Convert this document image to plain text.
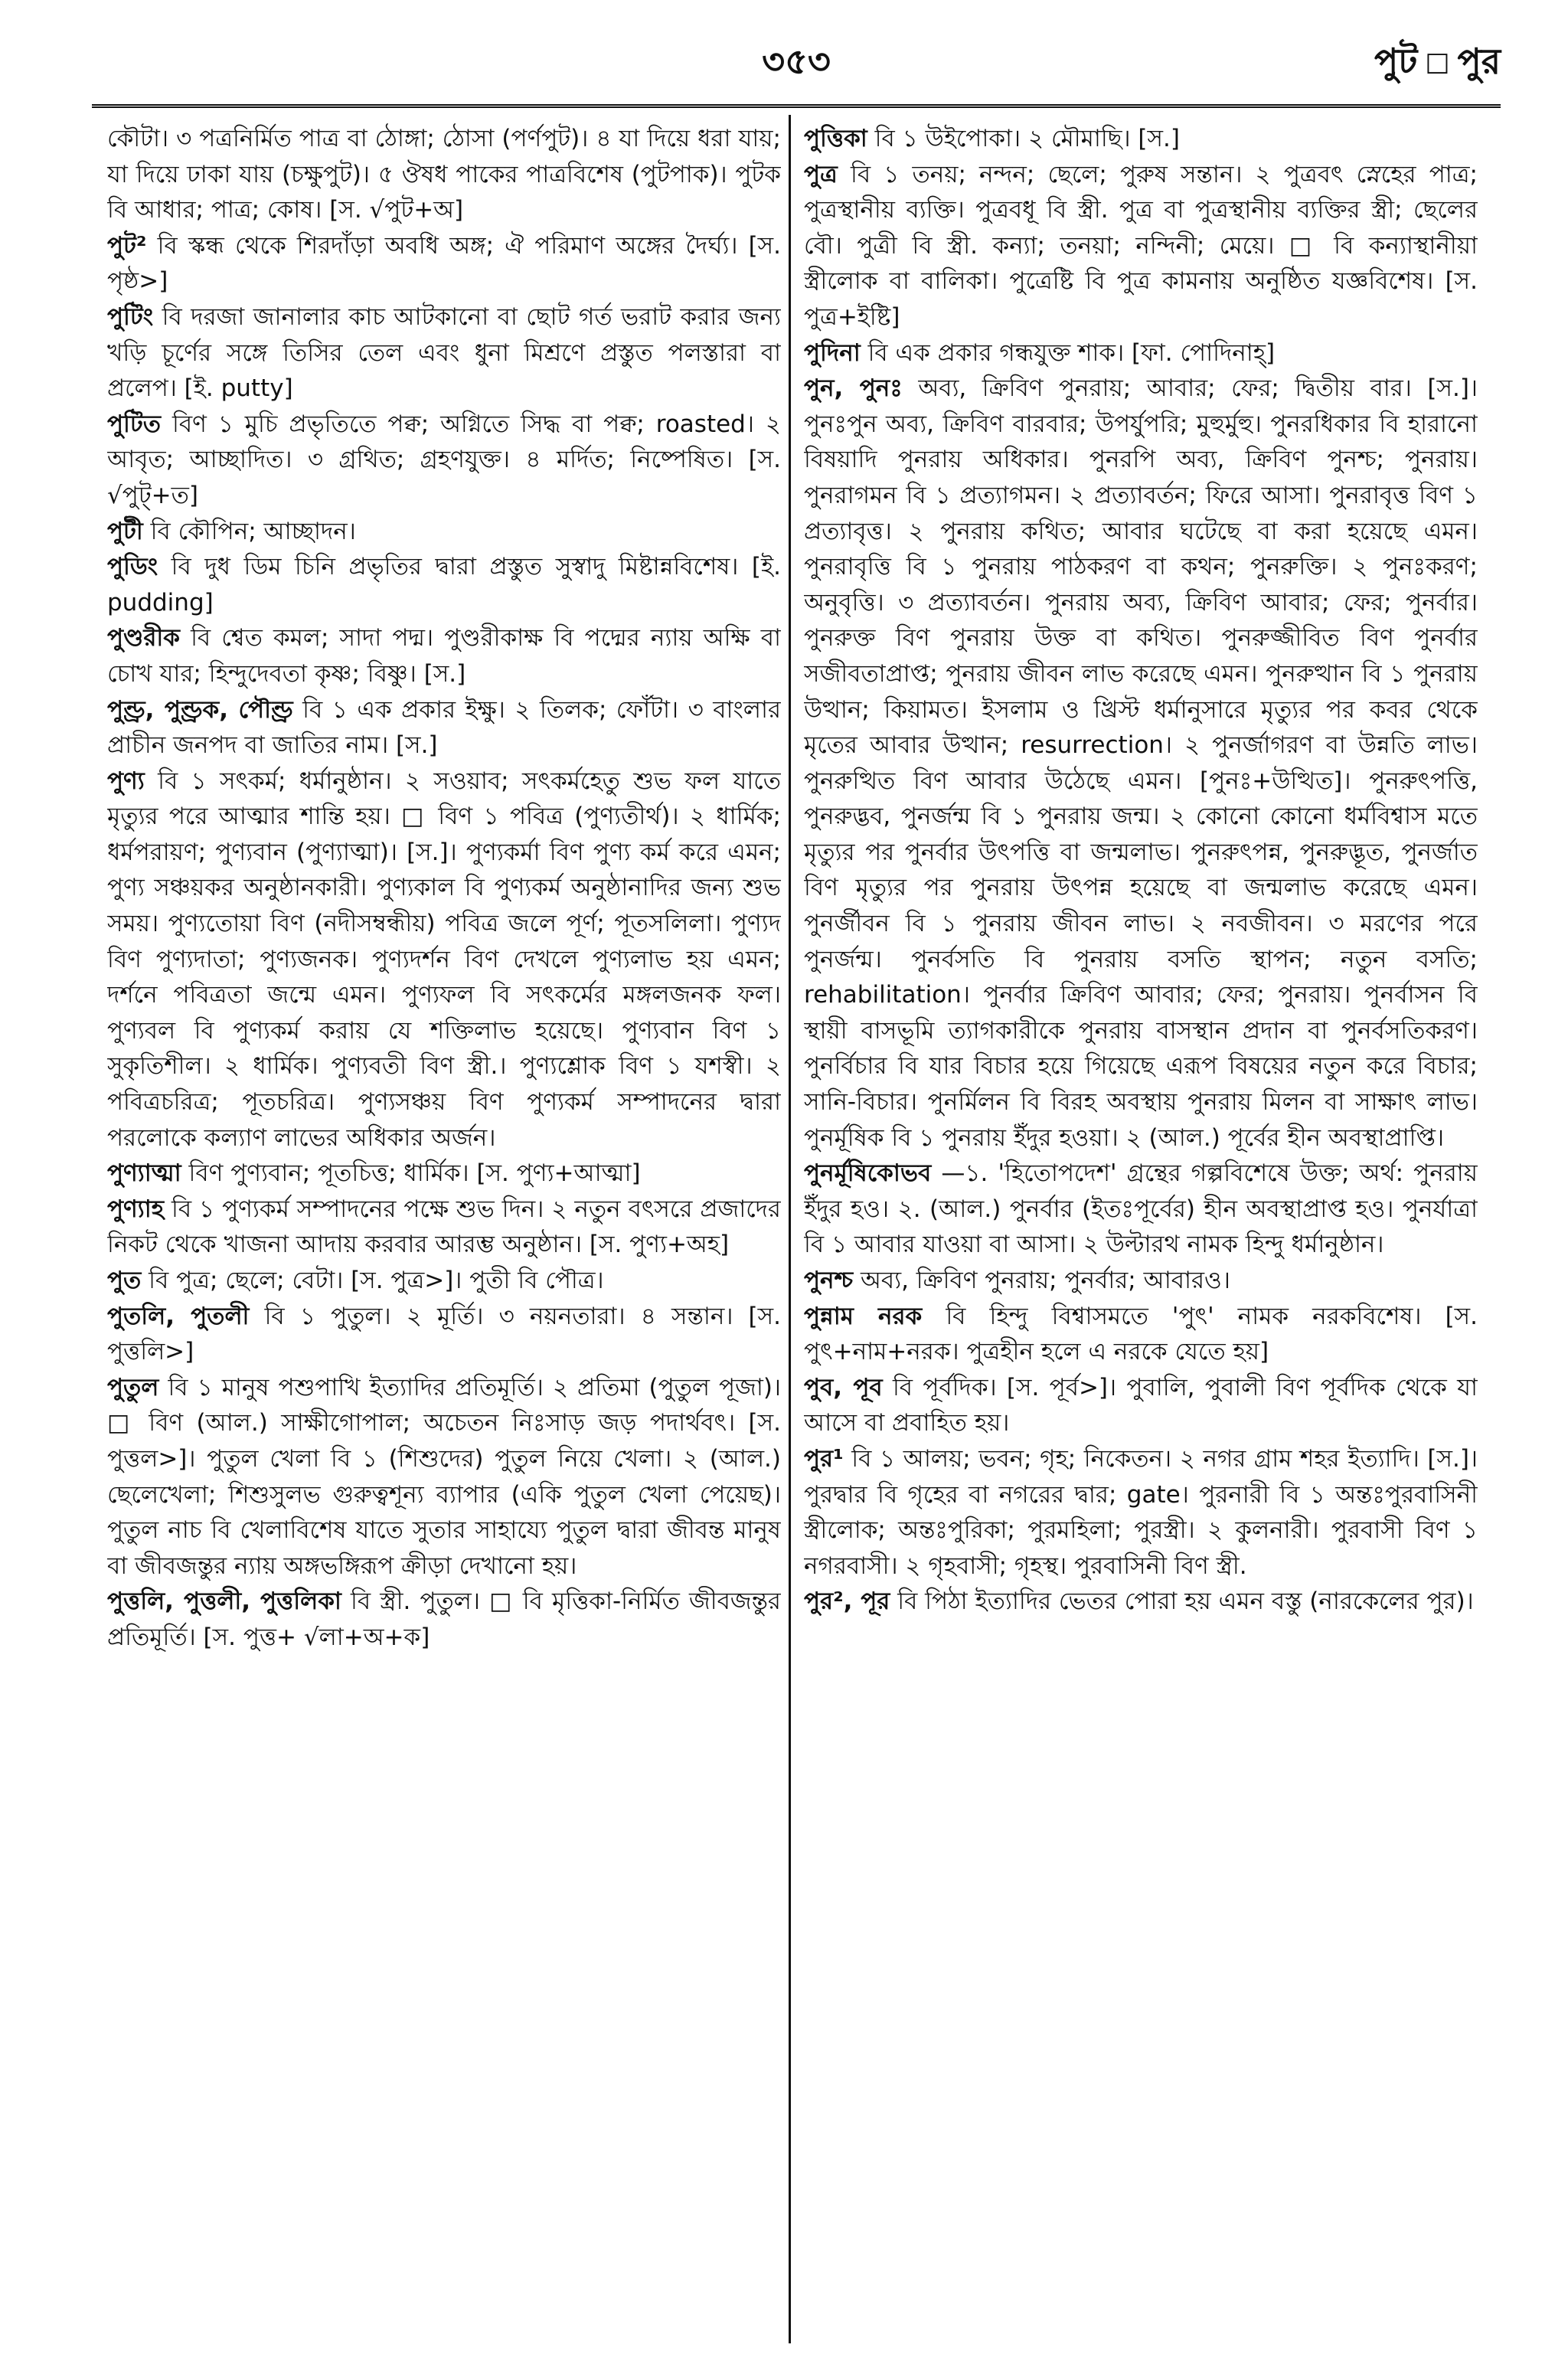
৩৫৩	পুট □ পুর

কৌটা। ৩ পত্রনির্মিত পাত্র বা ঠোঙ্গা; ঠোসা (পর্ণপুট)। ৪ যা দিয়ে ধরা যায়; যা দিয়ে ঢাকা যায় (চক্ষুপুট)। ৫ ঔষধ পাকের পাত্রবিশেষ (পুটপাক)। পুটক বি আধার; পাত্র; কোষ। [স. √পুট+অ]

পুট² বি স্কন্ধ থেকে শিরদাঁড়া অবধি অঙ্গ; ঐ পরিমাণ অঙ্গের দৈর্ঘ্য। [স. পৃষ্ঠ>]

পুটিং বি দরজা জানালার কাচ আটকানো বা ছোট গর্ত ভরাট করার জন্য খড়ি চূর্ণের সঙ্গে তিসির তেল এবং ধুনা মিশ্রণে প্রস্তুত পলস্তারা বা প্রলেপ। [ই. putty]

পুটিত বিণ ১ মুচি প্রভৃতিতে পক্ব; অগ্নিতে সিদ্ধ বা পক্ব; roasted। ২ আবৃত; আচ্ছাদিত। ৩ গ্রথিত; গ্রহণযুক্ত। ৪ মর্দিত; নিষ্পেষিত। [স. √পুট্+ত]

পুটী বি কৌপিন; আচ্ছাদন।

পুডিং বি দুধ ডিম চিনি প্রভৃতির দ্বারা প্রস্তুত সুস্বাদু মিষ্টান্নবিশেষ। [ই. pudding]

পুণ্ডরীক বি শ্বেত কমল; সাদা পদ্ম। পুণ্ডরীকাক্ষ বি পদ্মের ন্যায় অক্ষি বা চোখ যার; হিন্দুদেবতা কৃষ্ণ; বিষ্ণু। [স.]

পুণ্ড্র, পুণ্ড্রক, পৌণ্ড্র বি ১ এক প্রকার ইক্ষু। ২ তিলক; ফোঁটা। ৩ বাংলার প্রাচীন জনপদ বা জাতির নাম। [স.]

পুণ্য বি ১ সৎকর্ম; ধর্মানুষ্ঠান। ২ সওয়াব; সৎকর্মহেতু শুভ ফল যাতে মৃত্যুর পরে আত্মার শান্তি হয়। □ বিণ ১ পবিত্র (পুণ্যতীর্থ)। ২ ধার্মিক; ধর্মপরায়ণ; পুণ্যবান (পুণ্যাত্মা)। [স.]। পুণ্যকর্মা বিণ পুণ্য কর্ম করে এমন; পুণ্য সঞ্চয়কর অনুষ্ঠানকারী। পুণ্যকাল বি পুণ্যকর্ম অনুষ্ঠানাদির জন্য শুভ সময়। পুণ্যতোয়া বিণ (নদীসম্বন্ধীয়) পবিত্র জলে পূর্ণ; পূতসলিলা। পুণ্যদ বিণ পুণ্যদাতা; পুণ্যজনক। পুণ্যদর্শন বিণ দেখলে পুণ্যলাভ হয় এমন; দর্শনে পবিত্রতা জন্মে এমন। পুণ্যফল বি সৎকর্মের মঙ্গলজনক ফল। পুণ্যবল বি পুণ্যকর্ম করায় যে শক্তিলাভ হয়েছে। পুণ্যবান বিণ ১ সুকৃতিশীল। ২ ধার্মিক। পুণ্যবতী বিণ স্ত্রী.। পুণ্যশ্লোক বিণ ১ যশস্বী। ২ পবিত্রচরিত্র; পূতচরিত্র। পুণ্যসঞ্চয় বিণ পুণ্যকর্ম সম্পাদনের দ্বারা পরলোকে কল্যাণ লাভের অধিকার অর্জন।

পুণ্যাত্মা বিণ পুণ্যবান; পূতচিত্ত; ধার্মিক। [স. পুণ্য+আত্মা]

পুণ্যাহ বি ১ পুণ্যকর্ম সম্পাদনের পক্ষে শুভ দিন। ২ নতুন বৎসরে প্রজাদের নিকট থেকে খাজনা আদায় করবার আরম্ভ অনুষ্ঠান। [স. পুণ্য+অহ]

পুত বি পুত্র; ছেলে; বেটা। [স. পুত্র>]। পুতী বি পৌত্র।

পুতলি, পুতলী বি ১ পুতুল। ২ মূর্তি। ৩ নয়নতারা। ৪ সন্তান। [স. পুত্তলি>]

পুতুল বি ১ মানুষ পশুপাখি ইত্যাদির প্রতিমূর্তি। ২ প্রতিমা (পুতুল পূজা)। □ বিণ (আল.) সাক্ষীগোপাল; অচেতন নিঃসাড় জড় পদার্থবৎ। [স. পুত্তল>]। পুতুল খেলা বি ১ (শিশুদের) পুতুল নিয়ে খেলা। ২ (আল.) ছেলেখেলা; শিশুসুলভ গুরুত্বশূন্য ব্যাপার (একি পুতুল খেলা পেয়েছ)। পুতুল নাচ বি খেলাবিশেষ যাতে সুতার সাহায্যে পুতুল দ্বারা জীবন্ত মানুষ বা জীবজন্তুর ন্যায় অঙ্গভঙ্গিরূপ ক্রীড়া দেখানো হয়।

পুত্তলি, পুত্তলী, পুত্তলিকা বি স্ত্রী. পুতুল। □ বি মৃত্তিকা-নির্মিত জীবজন্তুর প্রতিমূর্তি। [স. পুত্ত+ √লা+অ+ক]

পুত্তিকা বি ১ উইপোকা। ২ মৌমাছি। [স.]

পুত্র বি ১ তনয়; নন্দন; ছেলে; পুরুষ সন্তান। ২ পুত্রবৎ স্নেহের পাত্র; পুত্রস্থানীয় ব্যক্তি। পুত্রবধূ বি স্ত্রী. পুত্র বা পুত্রস্থানীয় ব্যক্তির স্ত্রী; ছেলের বৌ। পুত্রী বি স্ত্রী. কন্যা; তনয়া; নন্দিনী; মেয়ে। □ বি কন্যাস্থানীয়া স্ত্রীলোক বা বালিকা। পুত্রেষ্টি বি পুত্র কামনায় অনুষ্ঠিত যজ্ঞবিশেষ। [স. পুত্র+ইষ্টি]

পুদিনা বি এক প্রকার গন্ধযুক্ত শাক। [ফা. পোদিনাহ্]

পুন, পুনঃ অব্য, ক্রিবিণ পুনরায়; আবার; ফের; দ্বিতীয় বার। [স.]। পুনঃপুন অব্য, ক্রিবিণ বারবার; উপর্যুপরি; মুহুর্মুহু। পুনরধিকার বি হারানো বিষয়াদি পুনরায় অধিকার। পুনরপি অব্য, ক্রিবিণ পুনশ্চ; পুনরায়। পুনরাগমন বি ১ প্রত্যাগমন। ২ প্রত্যাবর্তন; ফিরে আসা। পুনরাবৃত্ত বিণ ১ প্রত্যাবৃত্ত। ২ পুনরায় কথিত; আবার ঘটেছে বা করা হয়েছে এমন। পুনরাবৃত্তি বি ১ পুনরায় পাঠকরণ বা কথন; পুনরুক্তি। ২ পুনঃকরণ; অনুবৃত্তি। ৩ প্রত্যাবর্তন। পুনরায় অব্য, ক্রিবিণ আবার; ফের; পুনর্বার। পুনরুক্ত বিণ পুনরায় উক্ত বা কথিত। পুনরুজ্জীবিত বিণ পুনর্বার সজীবতাপ্রাপ্ত; পুনরায় জীবন লাভ করেছে এমন। পুনরুত্থান বি ১ পুনরায় উত্থান; কিয়ামত। ইসলাম ও খ্রিস্ট ধর্মানুসারে মৃত্যুর পর কবর থেকে মৃতের আবার উত্থান; resurrection। ২ পুনর্জাগরণ বা উন্নতি লাভ। পুনরুত্থিত বিণ আবার উঠেছে এমন। [পুনঃ+উত্থিত]। পুনরুৎপত্তি, পুনরুদ্ভব, পুনর্জন্ম বি ১ পুনরায় জন্ম। ২ কোনো কোনো ধর্মবিশ্বাস মতে মৃত্যুর পর পুনর্বার উৎপত্তি বা জন্মলাভ। পুনরুৎপন্ন, পুনরুদ্ভূত, পুনর্জাত বিণ মৃত্যুর পর পুনরায় উৎপন্ন হয়েছে বা জন্মলাভ করেছে এমন। পুনর্জীবন বি ১ পুনরায় জীবন লাভ। ২ নবজীবন। ৩ মরণের পরে পুনর্জন্ম। পুনর্বসতি বি পুনরায় বসতি স্থাপন; নতুন বসতি; rehabilitation। পুনর্বার ক্রিবিণ আবার; ফের; পুনরায়। পুনর্বাসন বি স্থায়ী বাসভূমি ত্যাগকারীকে পুনরায় বাসস্থান প্রদান বা পুনর্বসতিকরণ। পুনর্বিচার বি যার বিচার হয়ে গিয়েছে এরূপ বিষয়ের নতুন করে বিচার; সানি-বিচার। পুনর্মিলন বি বিরহ অবস্থায় পুনরায় মিলন বা সাক্ষাৎ লাভ। পুনর্মূষিক বি ১ পুনরায় ইঁদুর হওয়া। ২ (আল.) পূর্বের হীন অবস্থাপ্রাপ্তি।

পুনর্মূষিকোভব —১. 'হিতোপদেশ' গ্রন্থের গল্পবিশেষে উক্ত; অর্থ: পুনরায় ইঁদুর হও। ২. (আল.) পুনর্বার (ইতঃপূর্বের) হীন অবস্থাপ্রাপ্ত হও। পুনর্যাত্রা বি ১ আবার যাওয়া বা আসা। ২ উল্টারথ নামক হিন্দু ধর্মানুষ্ঠান।

পুনশ্চ অব্য, ক্রিবিণ পুনরায়; পুনর্বার; আবারও।

পুন্নাম নরক বি হিন্দু বিশ্বাসমতে 'পুৎ' নামক নরকবিশেষ। [স. পুৎ+নাম+নরক। পুত্রহীন হলে এ নরকে যেতে হয়]

পুব, পূব বি পূর্বদিক। [স. পূর্ব>]। পুবালি, পুবালী বিণ পূর্বদিক থেকে যা আসে বা প্রবাহিত হয়।

পুর¹ বি ১ আলয়; ভবন; গৃহ; নিকেতন। ২ নগর গ্রাম শহর ইত্যাদি। [স.]। পুরদ্বার বি গৃহের বা নগরের দ্বার; gate। পুরনারী বি ১ অন্তঃপুরবাসিনী স্ত্রীলোক; অন্তঃপুরিকা; পুরমহিলা; পুরস্ত্রী। ২ কুলনারী। পুরবাসী বিণ ১ নগরবাসী। ২ গৃহবাসী; গৃহস্থ। পুরবাসিনী বিণ স্ত্রী.

পুর², পূর বি পিঠা ইত্যাদির ভেতর পোরা হয় এমন বস্তু (নারকেলের পুর)।
